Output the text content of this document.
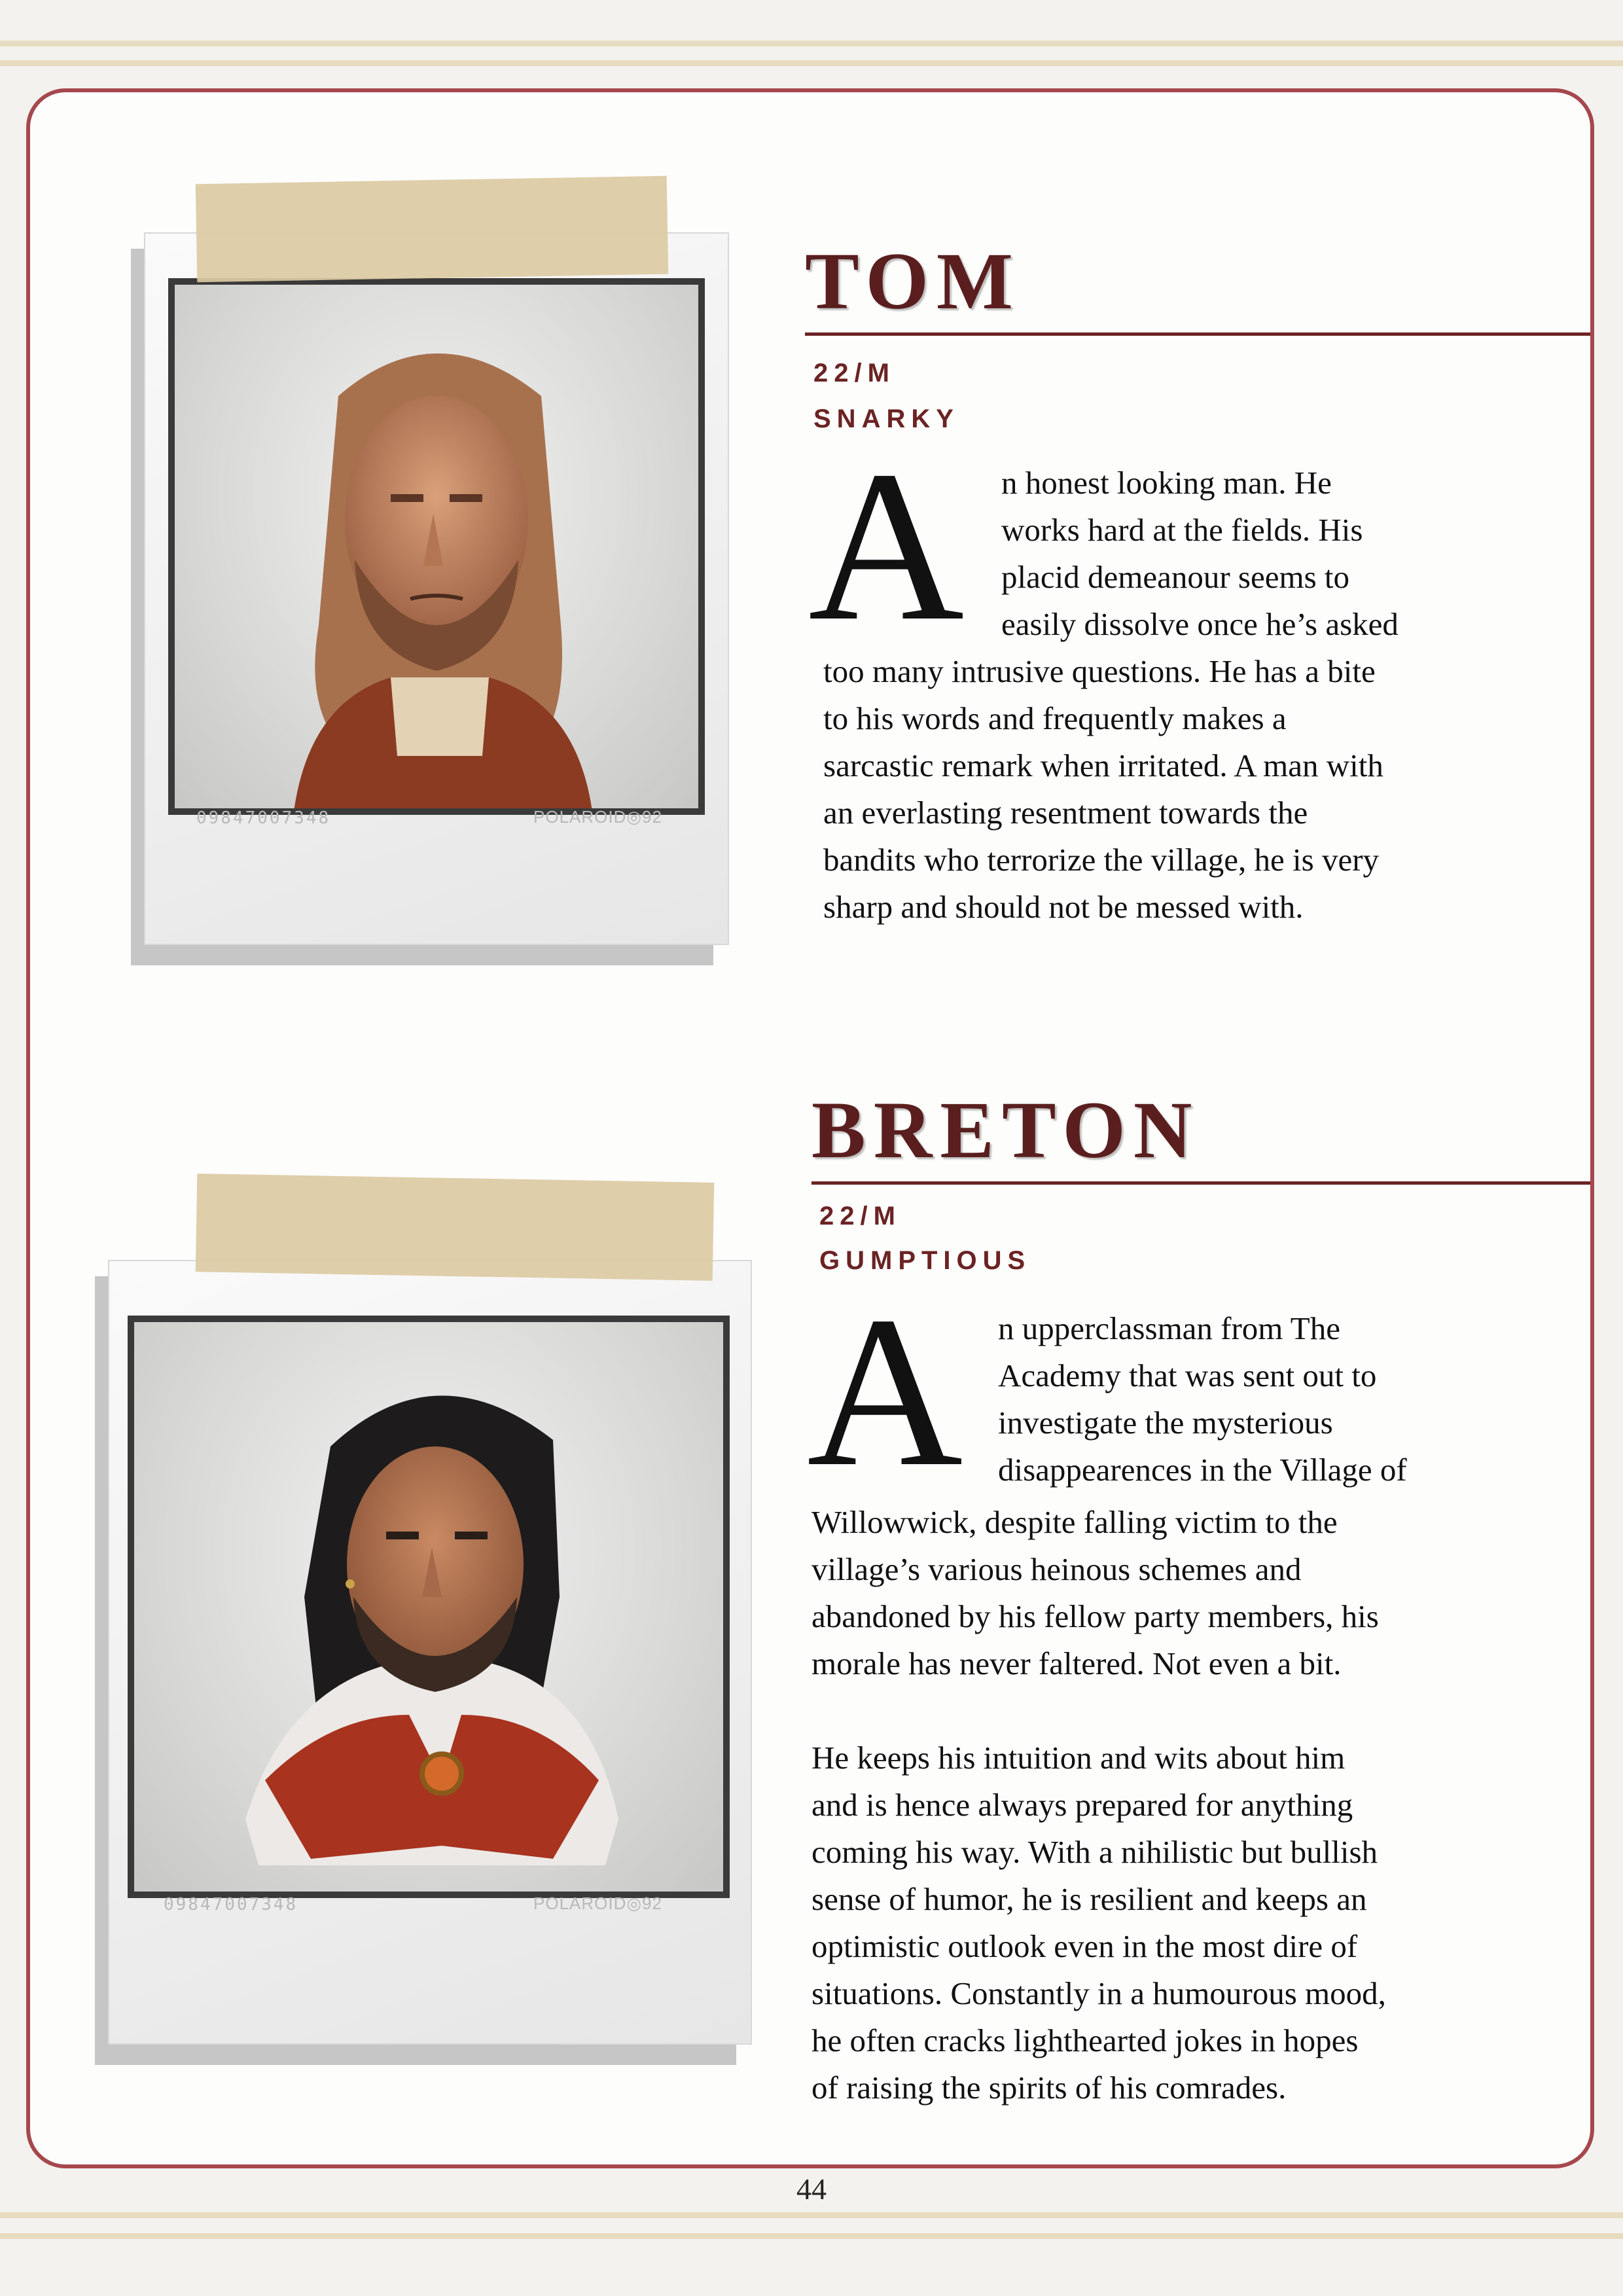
09847007348	POLAROID◎92
TOM
22/M
SNARKY
A n honest looking man. He

works hard at the fields. His

placid demeanour seems to

easily dissolve once he’s asked

too many intrusive questions. He has a bite

to his words and frequently makes a

sarcastic remark when irritated. A man with

an everlasting resentment towards the

bandits who terrorize the village, he is very

sharp and should not be messed with.

09847007348	POLAROID◎92
BRETON
22/M
GUMPTIOUS
A n upperclassman from The

Academy that was sent out to

investigate the mysterious

disappearences in the Village of

Willowwick, despite falling victim to the

village’s various heinous schemes and

abandoned by his fellow party members, his

morale has never faltered. Not even a bit.

He keeps his intuition and wits about him

and is hence always prepared for anything

coming his way. With a nihilistic but bullish

sense of humor, he is resilient and keeps an

optimistic outlook even in the most dire of

situations. Constantly in a humourous mood,

he often cracks lighthearted jokes in hopes

of raising the spirits of his comrades.

44
